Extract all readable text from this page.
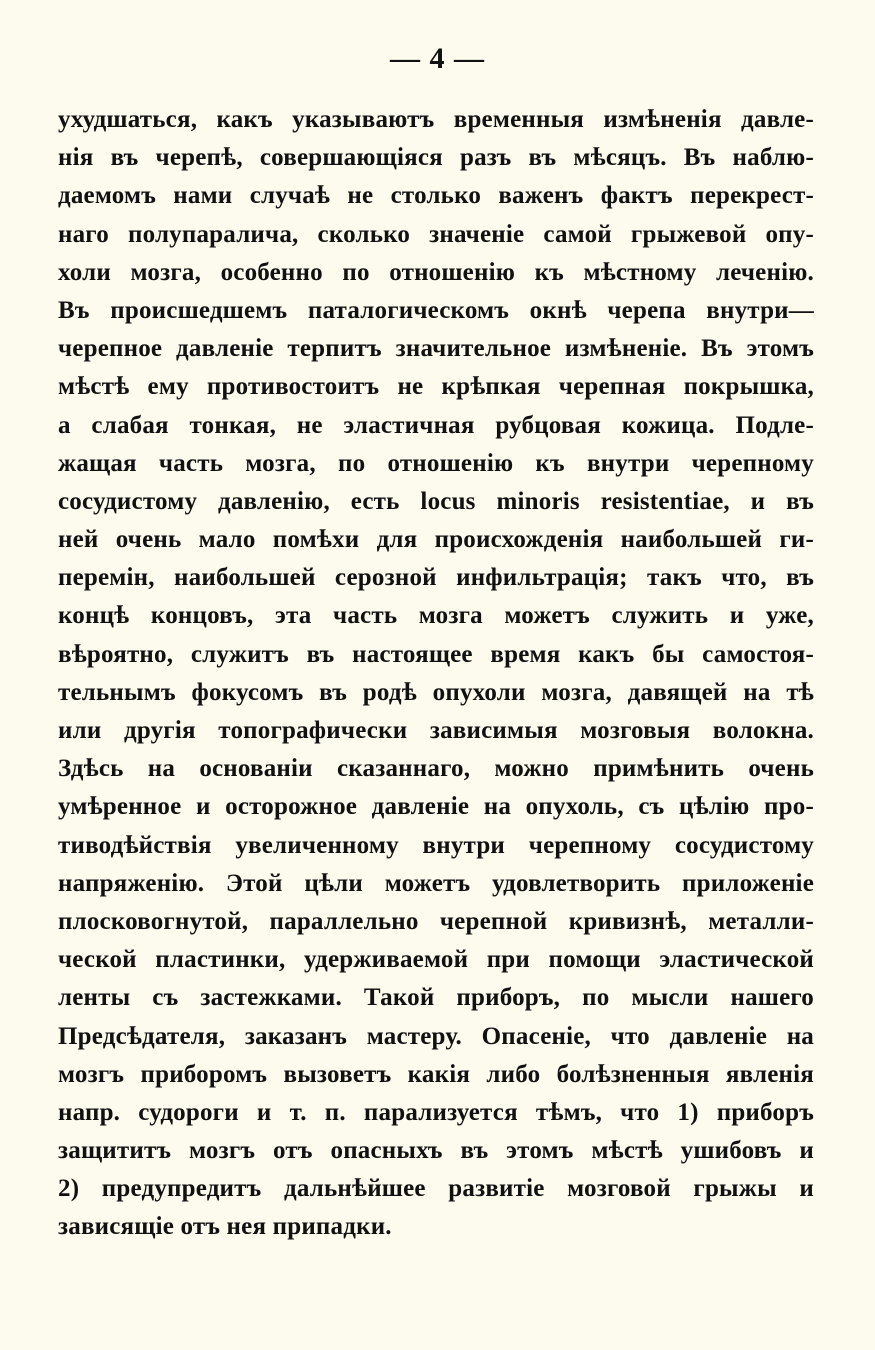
— 4 —
ухудшаться, какъ указываютъ временныя измѣненія давле-
нія въ черепѣ, совершающіяся разъ въ мѣсяцъ. Въ наблю-
даемомъ нами случаѣ не столько важенъ фактъ перекрест-
наго полупаралича, сколько значеніе самой грыжевой опу-
холи мозга, особенно по отношенію къ мѣстному леченію.
Въ происшедшемъ паталогическомъ окнѣ черепа внутри—
черепное давленіе терпитъ значительное измѣненіе. Въ этомъ
мѣстѣ ему противостоитъ не крѣпкая черепная покрышка,
а слабая тонкая, не эластичная рубцовая кожица. Подле-
жащая часть мозга, по отношенію къ внутри черепному
сосудистому давленію, есть locus minoris resistentiae, и въ
ней очень мало помѣхи для происхожденія наибольшей ги-
перемін, наибольшей серозной инфильтрація; такъ что, въ
концѣ концовъ, эта часть мозга можетъ служить и уже,
вѣроятно, служитъ въ настоящее время какъ бы самостоя-
тельнымъ фокусомъ въ родѣ опухоли мозга, давящей на тѣ
или другія топографически зависимыя мозговыя волокна.
Здѣсь на основаніи сказаннаго, можно примѣнить очень
умѣренное и осторожное давленіе на опухоль, съ цѣлію про-
тиводѣйствія увеличенному внутри черепному сосудистому
напряженію. Этой цѣли можетъ удовлетворить приложеніе
плосковогнутой, параллельно черепной кривизнѣ, металли-
ческой пластинки, удерживаемой при помощи эластической
ленты съ застежками. Такой приборъ, по мысли нашего
Предсѣдателя, заказанъ мастеру. Опасеніе, что давленіе на
мозгъ приборомъ вызоветъ какія либо болѣзненныя явленія
напр. судороги и т. п. парализуется тѣмъ, что 1) приборъ
защититъ мозгъ отъ опасныхъ въ этомъ мѣстѣ ушибовъ и
2) предупредитъ дальнѣйшее развитіе мозговой грыжы и
зависящіе отъ нея припадки.
